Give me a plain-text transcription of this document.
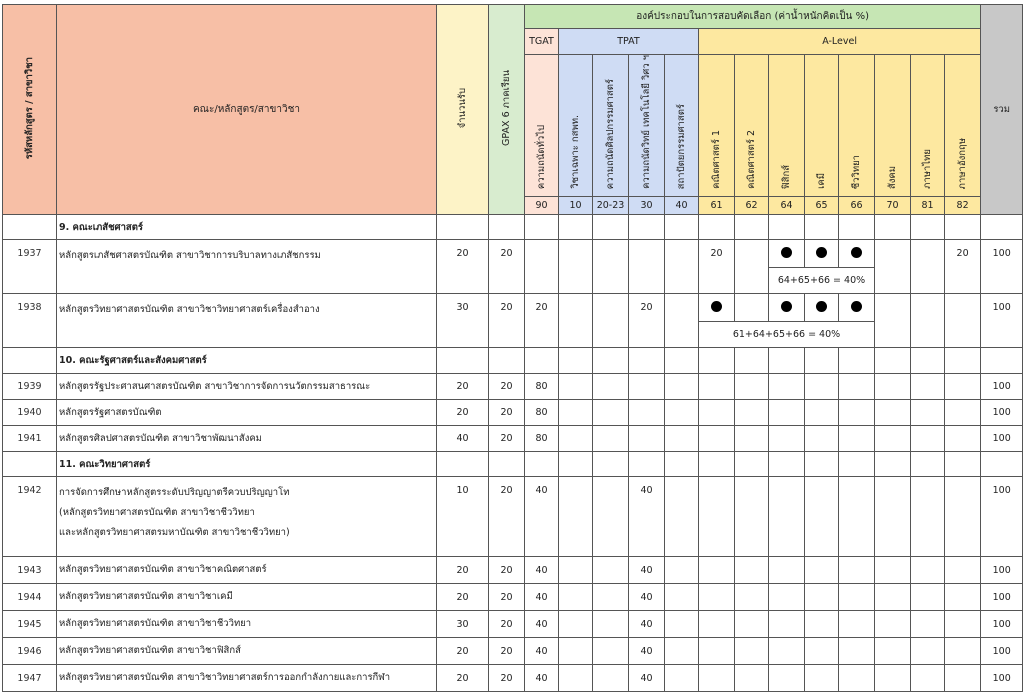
รหัสหลักสูตร / สาขาวิชา	คณะ/หลักสูตร/สาขาวิชา	จำนวนรับ	GPAX 6 ภาคเรียน	องค์ประกอบในการสอบคัดเลือก (ค่าน้ำหนักคิดเป็น %)													รวม
				TGAT	TPAT				A-Level								
				ความถนัดทั่วไป	วิชาเฉพาะ กสพท.	ความถนัดศิลปกรรมศาสตร์	ความถนัดวิทย์ เทคโนโลยี วิศว ฯ	สถาปัตยกรรมศาสตร์	คณิตศาสตร์ 1	คณิตศาสตร์ 2	ฟิสิกส์	เคมี	ชีววิทยา	สังคม	ภาษาไทย	ภาษาอังกฤษ	
				90	10	20-23	30	40	61	62	64	65	66	70	81	82	
	9. คณะเภสัชศาสตร์																
1937	หลักสูตรเภสัชศาสตรบัณฑิต สาขาวิชาการบริบาลทางเภสัชกรรม	20	20						20							20	100
											64+65+66 = 40%						
1938	หลักสูตรวิทยาศาสตรบัณฑิต สาขาวิชาวิทยาศาสตร์เครื่องสำอาง	30	20	20			20										100
									61+64+65+66 = 40%								
	10. คณะรัฐศาสตร์และสังคมศาสตร์																
1939	หลักสูตรรัฐประศาสนศาสตรบัณฑิต สาขาวิชาการจัดการนวัตกรรมสาธารณะ	20	20	80													100
1940	หลักสูตรรัฐศาสตรบัณฑิต	20	20	80													100
1941	หลักสูตรศิลปศาสตรบัณฑิต สาขาวิชาพัฒนาสังคม	40	20	80													100
	11. คณะวิทยาศาสตร์																
1942	การจัดการศึกษาหลักสูตรระดับปริญญาตรีควบปริญญาโท
(หลักสูตรวิทยาศาสตรบัณฑิต สาขาวิชาชีววิทยา
และหลักสูตรวิทยาศาสตรมหาบัณฑิต สาขาวิชาชีววิทยา)	10	20	40			40										100
1943	หลักสูตรวิทยาศาสตรบัณฑิต สาขาวิชาคณิตศาสตร์	20	20	40			40										100
1944	หลักสูตรวิทยาศาสตรบัณฑิต สาขาวิชาเคมี	20	20	40			40										100
1945	หลักสูตรวิทยาศาสตรบัณฑิต สาขาวิชาชีววิทยา	30	20	40			40										100
1946	หลักสูตรวิทยาศาสตรบัณฑิต สาขาวิชาฟิสิกส์	20	20	40			40										100
1947	หลักสูตรวิทยาศาสตรบัณฑิต สาขาวิชาวิทยาศาสตร์การออกกำลังกายและการกีฬา	20	20	40			40										100
